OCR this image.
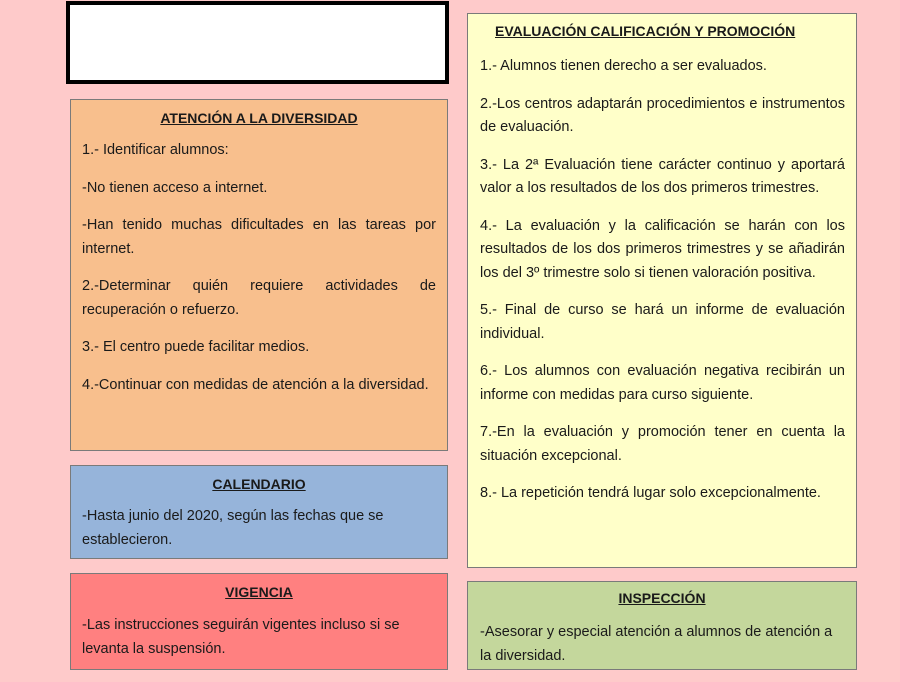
ATENCIÓN A LA DIVERSIDAD

1.- Identificar alumnos:

-No tienen acceso a internet.

-Han tenido muchas dificultades en las tareas por internet.

2.-Determinar quién requiere actividades de recuperación o refuerzo.

3.- El centro puede facilitar medios.

4.-Continuar con medidas de atención a la diversidad.

CALENDARIO

-Hasta junio del 2020, según las fechas que se establecieron.

VIGENCIA

-Las instrucciones seguirán vigentes incluso si se levanta la suspensión.

EVALUACIÓN CALIFICACIÓN Y PROMOCIÓN

1.- Alumnos tienen derecho a ser evaluados.

2.-Los centros adaptarán procedimientos e instrumentos de evaluación.

3.- La 2ª Evaluación tiene carácter continuo y aportará valor a los resultados de los dos primeros trimestres.

4.- La evaluación y la calificación se harán con los resultados de los dos primeros trimestres y se añadirán los del 3º trimestre solo si tienen valoración positiva.

5.- Final de curso se hará un informe de evaluación individual.

6.- Los alumnos con evaluación negativa recibirán un informe con medidas para curso siguiente.

7.-En la evaluación y promoción tener en cuenta la situación excepcional.

8.- La repetición tendrá lugar solo excepcionalmente.

INSPECCIÓN

-Asesorar y especial atención a alumnos de atención a la diversidad.
